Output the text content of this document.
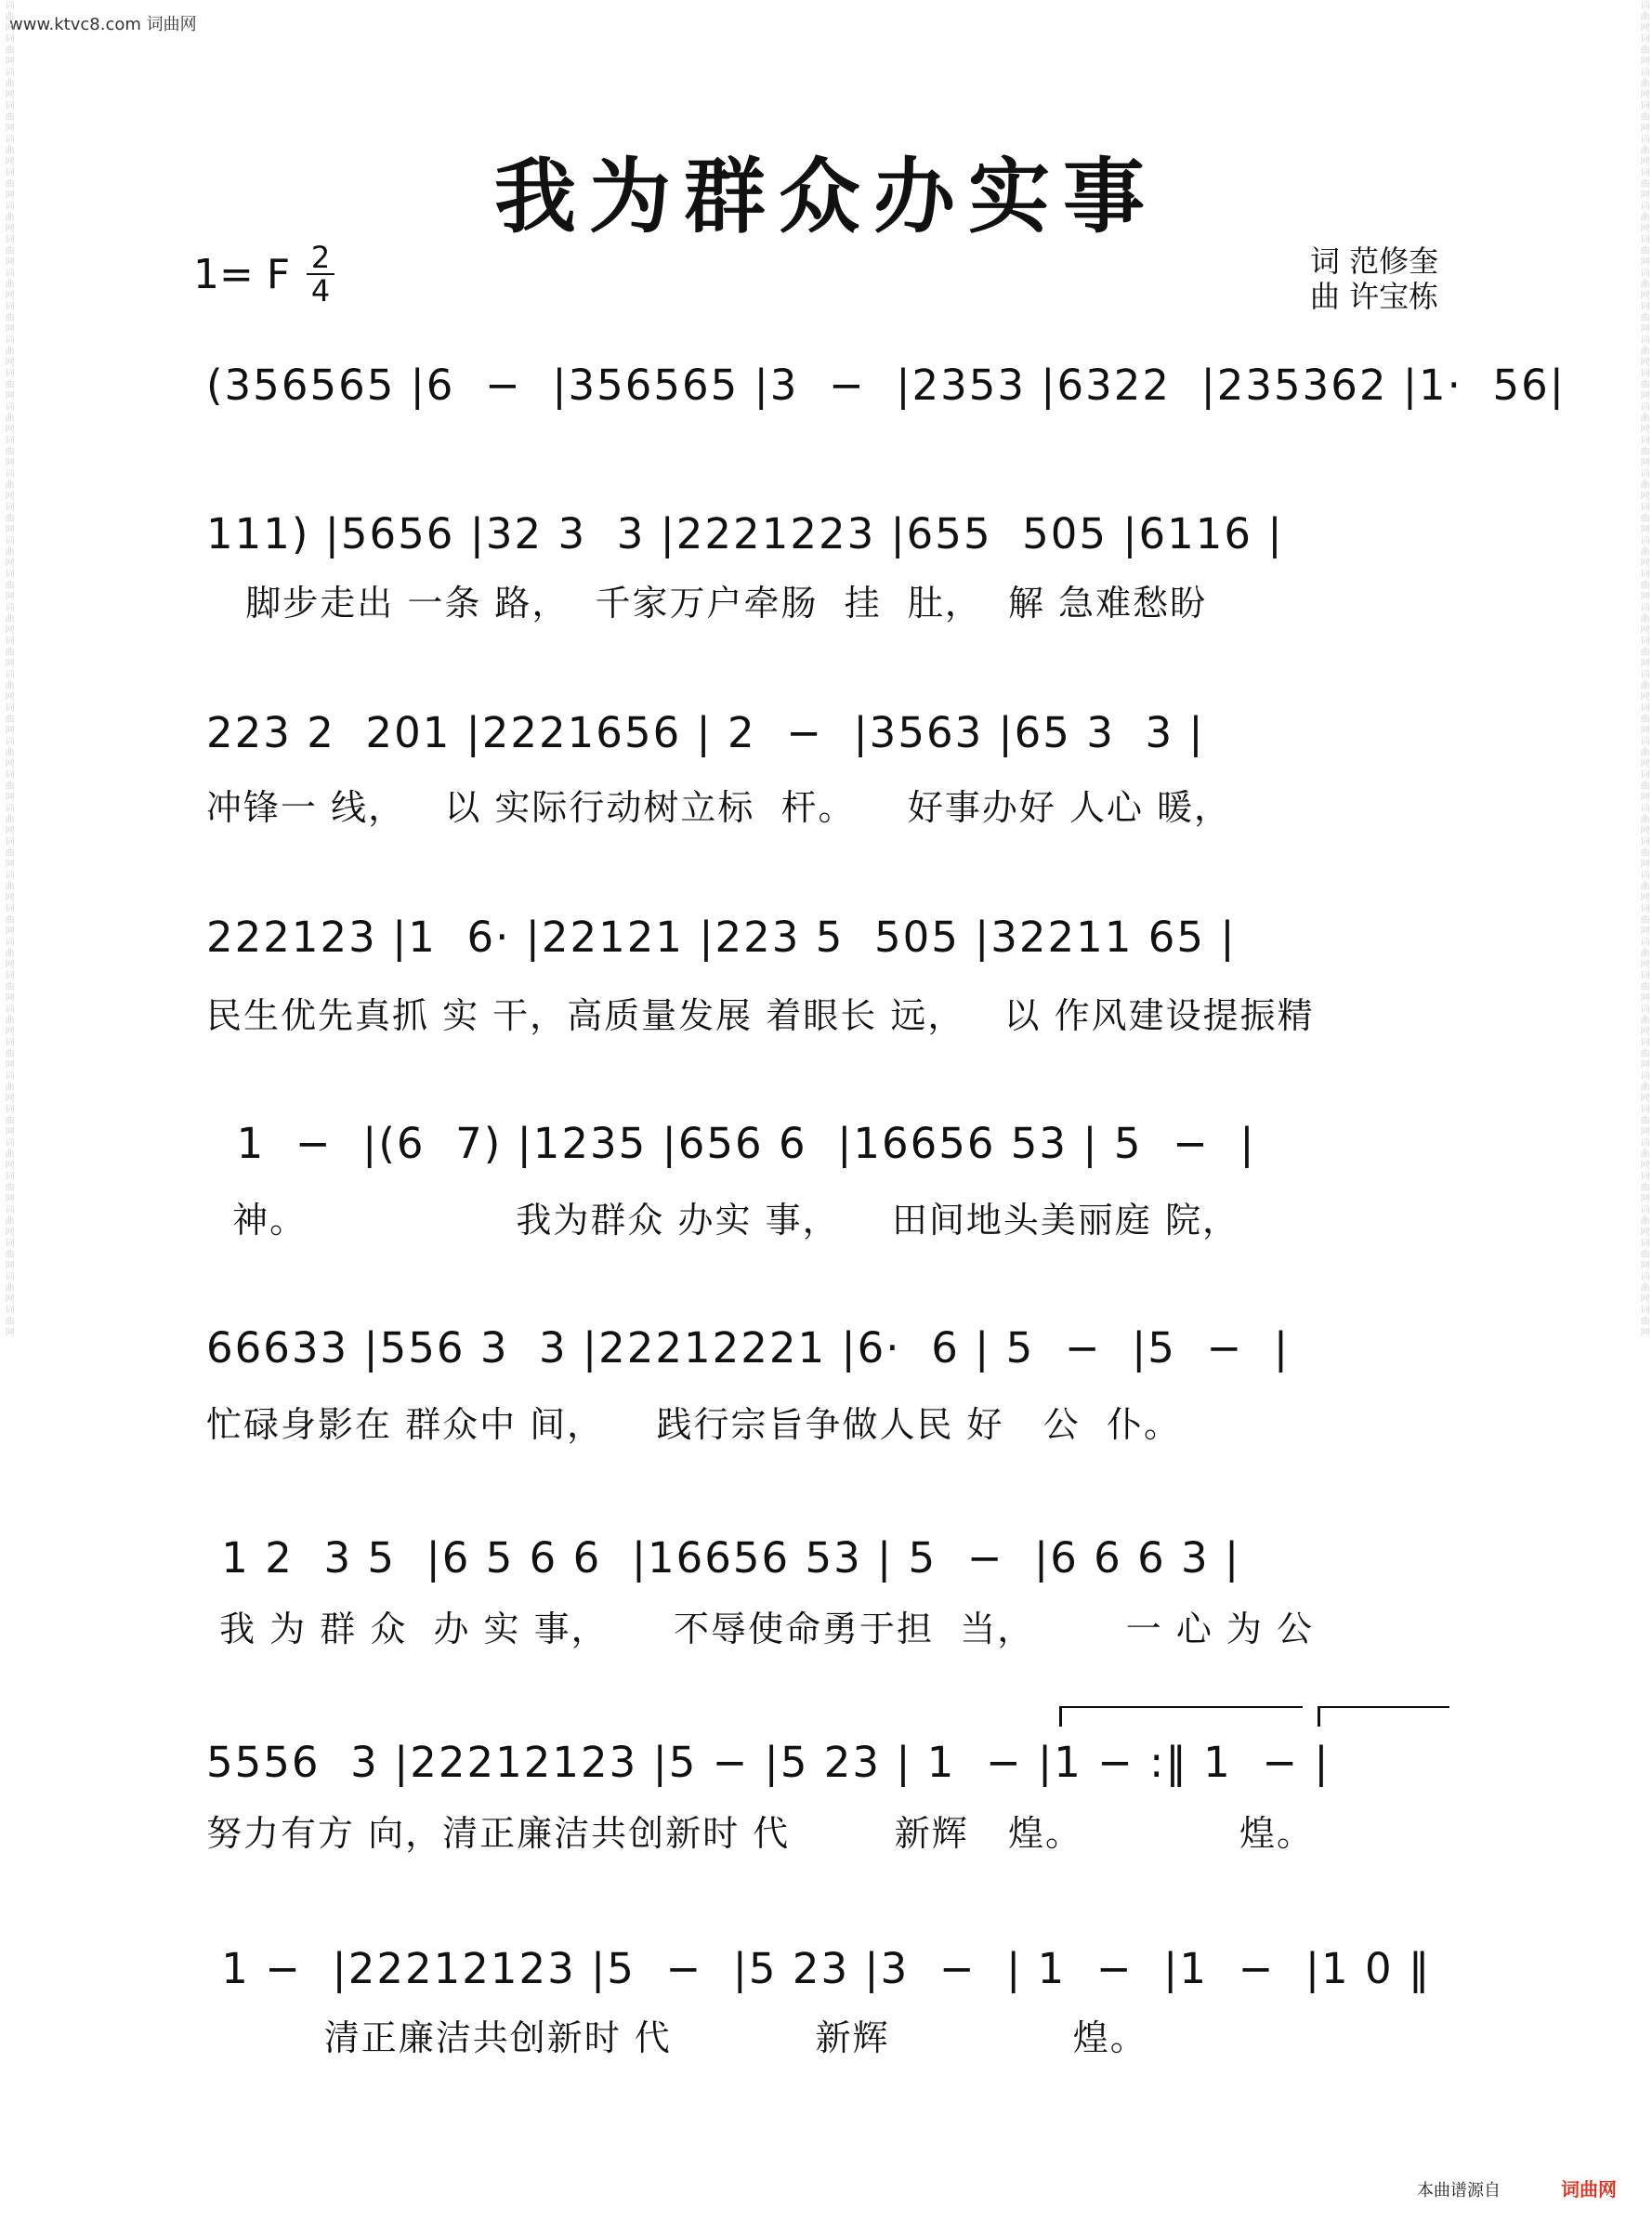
www.ktvc8.com 词曲网
词曲网词曲网词曲网词曲网词曲网词曲网词曲网词曲网词曲网词曲网词曲网词曲网词曲网词曲网词曲网词曲网词曲网词曲网词曲网词曲网词曲网词曲网词曲网词曲网词曲网词曲网词曲网词曲网词曲网词曲网词曲网词曲网词曲网词曲网词曲网词曲网词曲网词曲网词曲网词曲网	词曲网词曲网词曲网词曲网词曲网词曲网词曲网词曲网词曲网词曲网词曲网词曲网词曲网词曲网词曲网词曲网词曲网词曲网词曲网词曲网词曲网词曲网词曲网词曲网词曲网词曲网词曲网词曲网词曲网词曲网词曲网词曲网词曲网词曲网词曲网词曲网词曲网词曲网词曲网词曲网
我为群众办实事
1= F 2
4
词 范修奎
曲 许宝栋
(356565 |6  −  |356565 |3  −  |2353 |6322  |235362 |1·  56|
111) |5656 |32 3  3 |2221223 |655  505 |6116 |
脚步走出 一条 路，  千家万户牵肠  挂  肚，  解 急难愁盼
223 2  201 |2221656 | 2  −  |3563 |65 3  3 |
冲锋一 线，   以 实际行动树立标  杆。    好事办好 人心 暖，
222123 |1  6· |22121 |223 5  505 |32211 65 |
民生优先真抓 实 干，高质量发展 着眼长 远，   以 作风建设提振精
1  −  |(6  7) |1235 |656 6  |16656 53 | 5  −  |
神。                我为群众 办实 事，    田间地头美丽庭 院，
66633 |556 3  3 |22212221 |6·  6 | 5  −  |5  −  |
忙碌身影在 群众中 间，    践行宗旨争做人民 好   公  仆。
1 2  3 5  |6 5 6 6  |16656 53 | 5  −  |6 6 6 3 |
我 为 群 众  办 实 事，     不辱使命勇于担  当，       一 心 为 公
5556  3 |22212123 |5 − |5 23 | 1  − |1 − :‖ 1  − |
努力有方 向，清正廉洁共创新时 代        新辉   煌。            煌。
1 −  |22212123 |5  −  |5 23 |3  −  | 1  −  |1  −  |1 0 ‖
清正廉洁共创新时 代           新辉              煌。
本曲谱源自	词曲网
